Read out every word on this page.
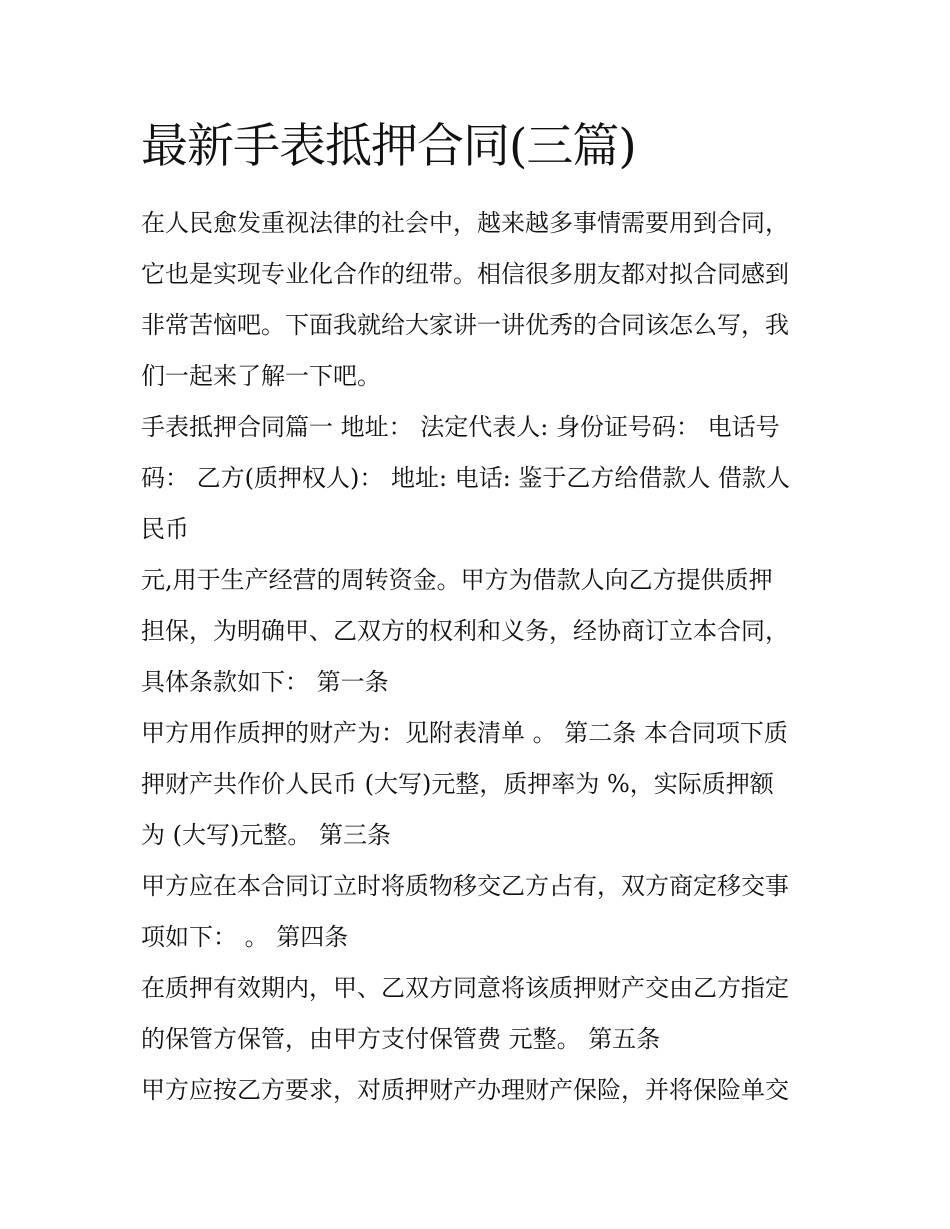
最新手表抵押合同(三篇)

在人民愈发重视法律的社会中，越来越多事情需要用到合同，

它也是实现专业化合作的纽带。相信很多朋友都对拟合同感到

非常苦恼吧。下面我就给大家讲一讲优秀的合同该怎么写，我

们一起来了解一下吧。

手表抵押合同篇一 地址： 法定代表人: 身份证号码： 电话号

码： 乙方(质押权人)： 地址: 电话: 鉴于乙方给借款人 借款人

民币

元,用于生产经营的周转资金。甲方为借款人向乙方提供质押

担保，为明确甲、乙双方的权利和义务，经协商订立本合同，

具体条款如下： 第一条

甲方用作质押的财产为：见附表清单 。 第二条 本合同项下质

押财产共作价人民币 (大写)元整，质押率为 %，实际质押额

为 (大写)元整。 第三条

甲方应在本合同订立时将质物移交乙方占有，双方商定移交事

项如下： 。 第四条

在质押有效期内，甲、乙双方同意将该质押财产交由乙方指定

的保管方保管，由甲方支付保管费 元整。 第五条

甲方应按乙方要求，对质押财产办理财产保险，并将保险单交
